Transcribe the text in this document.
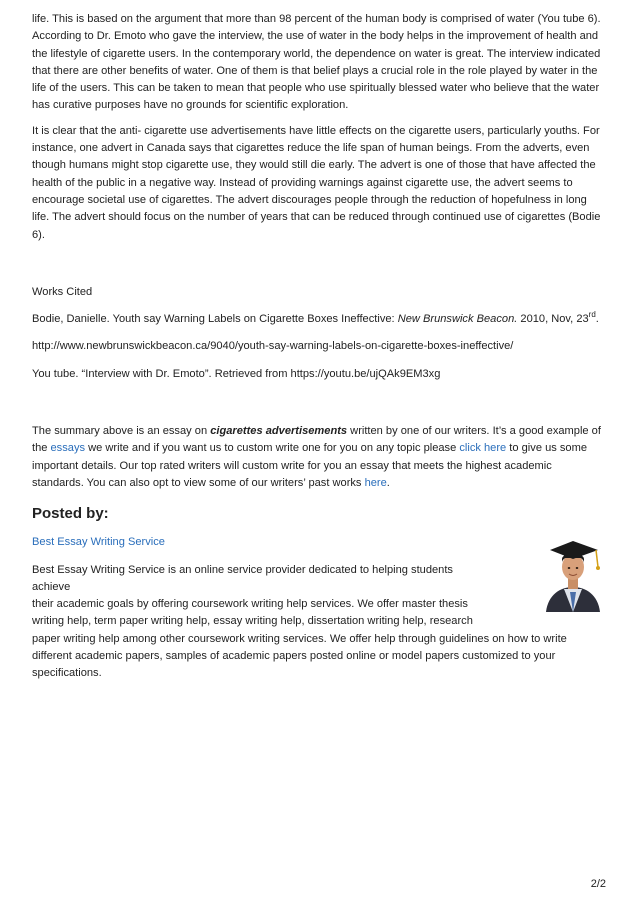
life. This is based on the argument that more than 98 percent of the human body is comprised of water (You tube 6). According to Dr. Emoto who gave the interview, the use of water in the body helps in the improvement of health and the lifestyle of cigarette users. In the contemporary world, the dependence on water is great. The interview indicated that there are other benefits of water. One of them is that belief plays a crucial role in the role played by water in the life of the users. This can be taken to mean that people who use spiritually blessed water who believe that the water has curative purposes have no grounds for scientific exploration.

It is clear that the anti- cigarette use advertisements have little effects on the cigarette users, particularly youths. For instance, one advert in Canada says that cigarettes reduce the life span of human beings. From the adverts, even though humans might stop cigarette use, they would still die early. The advert is one of those that have affected the health of the public in a negative way. Instead of providing warnings against cigarette use, the advert seems to encourage societal use of cigarettes. The advert discourages people through the reduction of hopefulness in long life. The advert should focus on the number of years that can be reduced through continued use of cigarettes (Bodie 6).

Works Cited

Bodie, Danielle. Youth say Warning Labels on Cigarette Boxes Ineffective: New Brunswick Beacon. 2010, Nov, 23rd.

http://www.newbrunswickbeacon.ca/9040/youth-say-warning-labels-on-cigarette-boxes-ineffective/

You tube. “Interview with Dr. Emoto”. Retrieved from https://youtu.be/ujQAk9EM3xg

The summary above is an essay on cigarettes advertisements written by one of our writers. It’s a good example of the essays we write and if you want us to custom write one for you on any topic please click here to give us some important details. Our top rated writers will custom write for you an essay that meets the highest academic standards. You can also opt to view some of our writers’ past works here.

Posted by:

Best Essay Writing Service

Best Essay Writing Service is an online service provider dedicated to helping students achieve

their academic goals by offering coursework writing help services. We offer master thesis

writing help, term paper writing help, essay writing help, dissertation writing help, research

paper writing help among other coursework writing services. We offer help through guidelines on how to write different academic papers, samples of academic papers posted online or model papers customized to your specifications.

2/2
